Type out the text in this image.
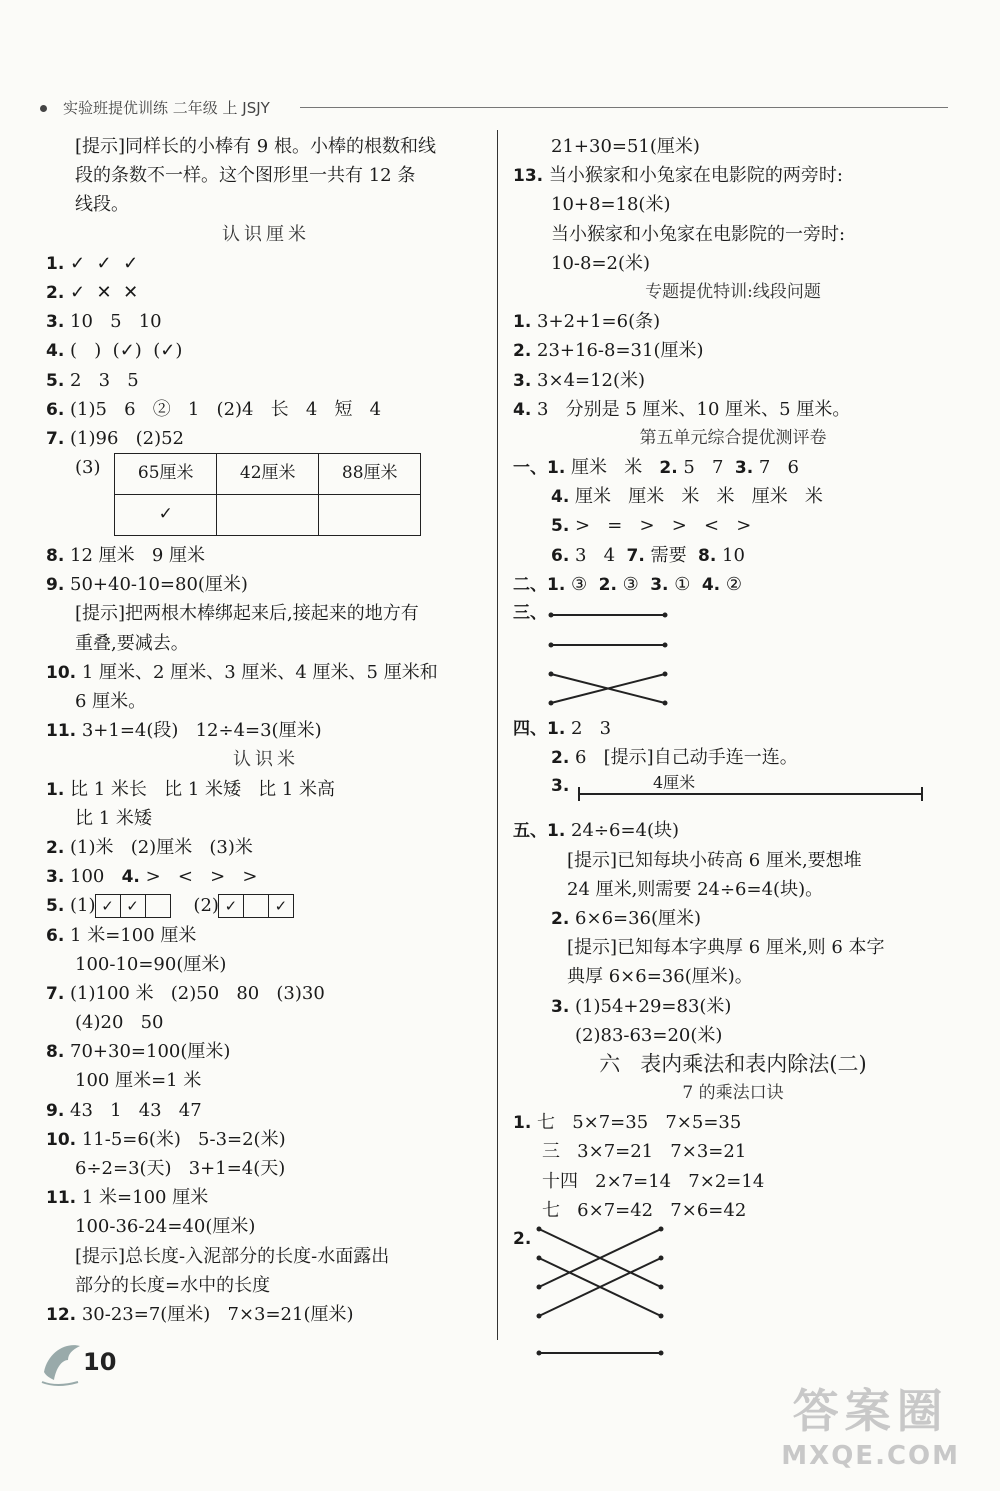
实验班提优训练 二年级 上 JSJY
[提示]同样长的小棒有 9 根。小棒的根数和线
段的条数不一样。这个图形里一共有 12 条
线段。
认识厘米
1. ✓  ✓  ✓
2. ✓  ✕  ✕
3. 10   5   10
4. (   )  (✓)  (✓)
5. 2   3   5
6. (1)5   6   ②   1   (2)4   长   4   短   4
7. (1)96   (2)52
(3) 65厘米	42厘米	88厘米
✓		
8. 12 厘米   9 厘米
9. 50+40-10=80(厘米)
[提示]把两根木棒绑起来后,接起来的地方有
重叠,要减去。
10. 1 厘米、2 厘米、3 厘米、4 厘米、5 厘米和
6 厘米。
11. 3+1=4(段)   12÷4=3(厘米)
认识米
1. 比 1 米长   比 1 米矮   比 1 米高
比 1 米矮
2. (1)米   (2)厘米   (3)米
3. 100 4. >   <   >   >
5. (1) ✓ ✓	(2) ✓ ✓
6. 1 米=100 厘米
100-10=90(厘米)
7. (1)100 米   (2)50   80   (3)30
(4)20   50
8. 70+30=100(厘米)
100 厘米=1 米
9. 43   1   43   47
10. 11-5=6(米)   5-3=2(米)
6÷2=3(天)   3+1=4(天)
11. 1 米=100 厘米
100-36-24=40(厘米)
[提示]总长度-入泥部分的长度-水面露出
部分的长度=水中的长度
12. 30-23=7(厘米)   7×3=21(厘米)
21+30=51(厘米)
13. 当小猴家和小兔家在电影院的两旁时:
10+8=18(米)
当小猴家和小兔家在电影院的一旁时:
10-8=2(米)
专题提优特训:线段问题
1. 3+2+1=6(条)
2. 23+16-8=31(厘米)
3. 3×4=12(米)
4. 3   分别是 5 厘米、10 厘米、5 厘米。
第五单元综合提优测评卷
一、1. 厘米   米   2. 5   7  3. 7   6
4. 厘米   厘米   米   米   厘米   米
5. >   =   >   >   <   >
6. 3   4  7. 需要  8. 10
二、1. ③  2. ③  3. ①  4. ②
三、
四、1. 2   3
2. 6   [提示]自己动手连一连。
3.	4厘米
五、1. 24÷6=4(块)
[提示]已知每块小砖高 6 厘米,要想堆
24 厘米,则需要 24÷6=4(块)。
2. 6×6=36(厘米)
[提示]已知每本字典厚 6 厘米,则 6 本字
典厚 6×6=36(厘米)。
3. (1)54+29=83(米)
(2)83-63=20(米)
六   表内乘法和表内除法(二)
7 的乘法口诀
1. 七   5×7=35   7×5=35
三   3×7=21   7×3=21
十四   2×7=14   7×2=14
七   6×7=42   7×6=42
2.
10
答案圈
MXQE.COM
